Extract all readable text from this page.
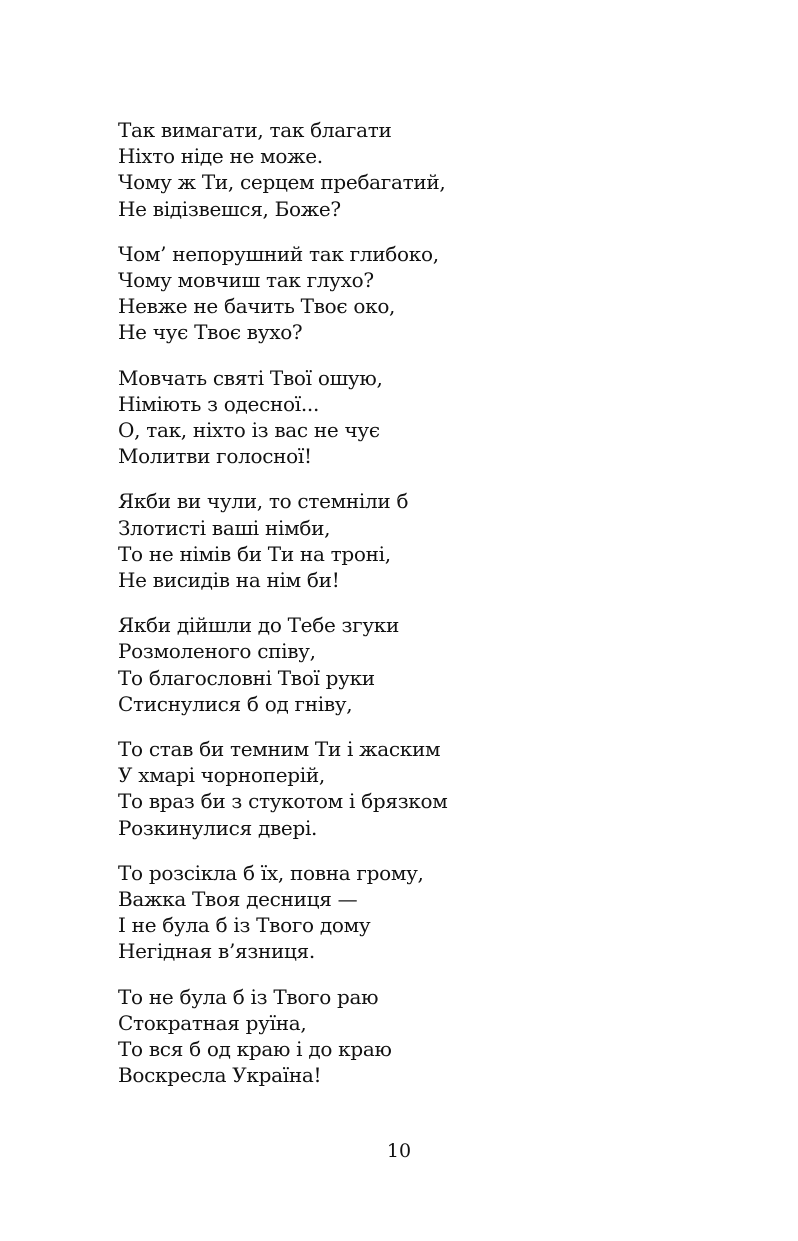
Так вимагати, так благати
Ніхто ніде не може.
Чому ж Ти, серцем пребагатий,
Не відізвешся, Боже?
Чом’ непорушний так глибоко,
Чому мовчиш так глухо?
Невже не бачить Твоє око,
Не чує Твоє вухо?
Мовчать святі Твої ошую,
Німіють з одесної...
О, так, ніхто із вас не чує
Молитви голосної!
Якби ви чули, то стемніли б
Злотисті ваші німби,
То не німів би Ти на троні,
Не висидів на нім би!
Якби дійшли до Тебе згуки
Розмоленого співу,
То благословні Твої руки
Стиснулися б од гніву,
То став би темним Ти і жаским
У хмарі чорноперій,
То враз би з стукотом і брязком
Розкинулися двері.
То розсікла б їх, повна грому,
Важка Твоя десниця —
І не була б із Твого дому
Негідная в’язниця.
То не була б із Твого раю
Стократная руїна,
То вся б од краю і до краю
Воскресла Україна!
10
